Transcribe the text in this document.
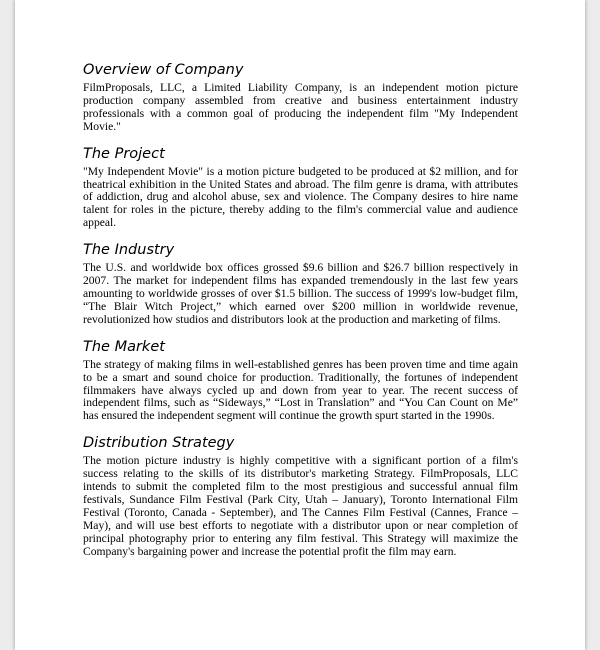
Overview of Company

FilmProposals, LLC, a Limited Liability Company, is an independent motion picture production company assembled from creative and business entertainment industry professionals with a common goal of producing the independent film "My Independent Movie."

The Project

"My Independent Movie" is a motion picture budgeted to be produced at $2 million, and for theatrical exhibition in the United States and abroad. The film genre is drama, with attributes of addiction, drug and alcohol abuse, sex and violence. The Company desires to hire name talent for roles in the picture, thereby adding to the film's commercial value and audience appeal.

The Industry

The U.S. and worldwide box offices grossed $9.6 billion and $26.7 billion respectively in 2007. The market for independent films has expanded tremendously in the last few years amounting to worldwide grosses of over $1.5 billion. The success of 1999's low-budget film, “The Blair Witch Project,” which earned over $200 million in worldwide revenue, revolutionized how studios and distributors look at the production and marketing of films.

The Market

The strategy of making films in well-established genres has been proven time and time again to be a smart and sound choice for production. Traditionally, the fortunes of independent filmmakers have always cycled up and down from year to year. The recent success of independent films, such as “Sideways,” “Lost in Translation” and “You Can Count on Me” has ensured the independent segment will continue the growth spurt started in the 1990s.

Distribution Strategy

The motion picture industry is highly competitive with a significant portion of a film's success relating to the skills of its distributor's marketing Strategy. FilmProposals, LLC intends to submit the completed film to the most prestigious and successful annual film festivals, Sundance Film Festival (Park City, Utah – January), Toronto International Film Festival (Toronto, Canada - September), and The Cannes Film Festival (Cannes, France – May), and will use best efforts to negotiate with a distributor upon or near completion of principal photography prior to entering any film festival. This Strategy will maximize the Company's bargaining power and increase the potential profit the film may earn.
